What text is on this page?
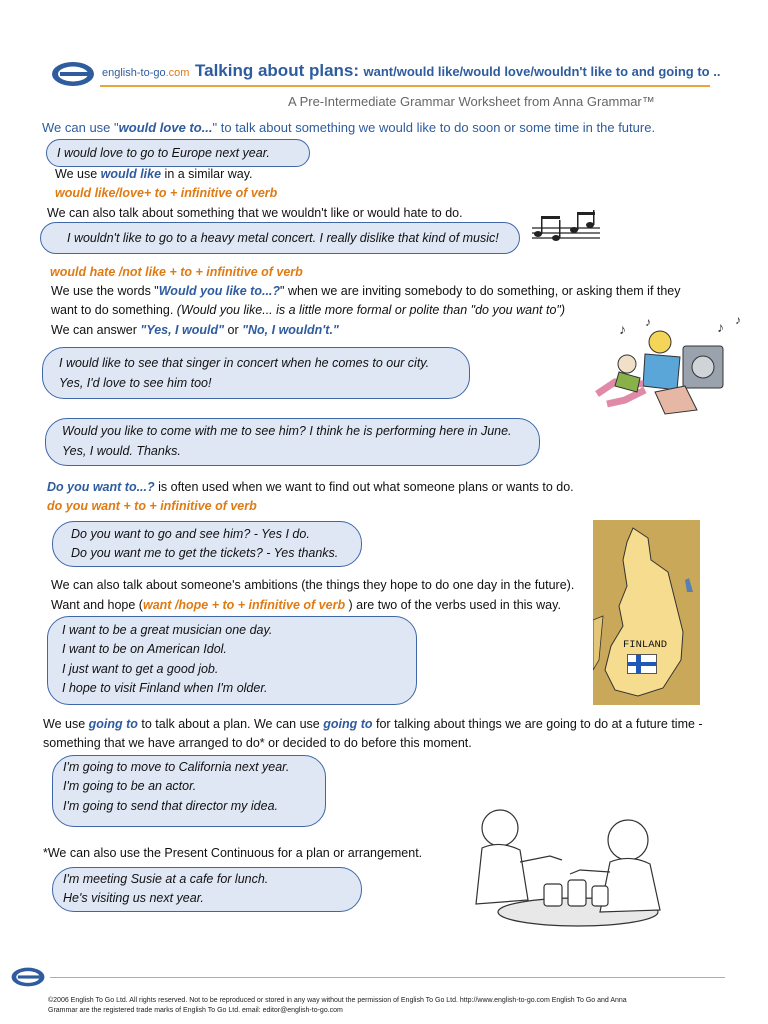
english-to-go.com Talking about plans: want/would like/would love/wouldn't like to and going to ..
A Pre-Intermediate Grammar Worksheet from Anna Grammar™
We can use "would love to..." to talk about something we would like to do soon or some time in the future.
I would love to go to Europe next year.
We use would like in a similar way.
would like/love+ to + infinitive of verb
We can also talk about something that we wouldn't like or would hate to do.
I wouldn't like to go to a heavy metal concert. I really dislike that kind of music!
would hate /not like + to + infinitive of verb
We use the words "Would you like to...?" when we are inviting somebody to do something, or asking them if they
want to do something. (Would you like... is a little more formal or polite than "do you want to")
We can answer "Yes, I would" or "No, I wouldn't."	♪ ♪	♪ ♪
I would like to see that singer in concert when he comes to our city.
Yes, I'd love to see him too!
Would you like to come with me to see him? I think he is performing here in June.
Yes, I would. Thanks.
Do you want to...? is often used when we want to find out what someone plans or wants to do.
do you want + to + infinitive of verb
Do you want to go and see him? - Yes I do.
Do you want me to get the tickets? - Yes thanks.
FINLAND
We can also talk about someone's ambitions (the things they hope to do one day in the future).
Want and hope (want /hope + to + infinitive of verb ) are two of the verbs used in this way.
I want to be a great musician one day.
I want to be on American Idol.
I just want to get a good job.
I hope to visit Finland when I'm older.
We use going to to talk about a plan. We can use going to for talking about things we are going to do at a future time -
something that we have arranged to do* or decided to do before this moment.
I'm going to move to California next year.
I'm going to be an actor.
I'm going to send that director my idea.
*We can also use the Present Continuous for a plan or arrangement.
I'm meeting Susie at a cafe for lunch.
He's visiting us next year.
©2006 English To Go Ltd. All rights reserved. Not to be reproduced or stored in any way without the permission of English To Go Ltd. http://www.english-to-go.com English To Go and Anna
Grammar are the registered trade marks of English To Go Ltd. email: editor@english-to-go.com
